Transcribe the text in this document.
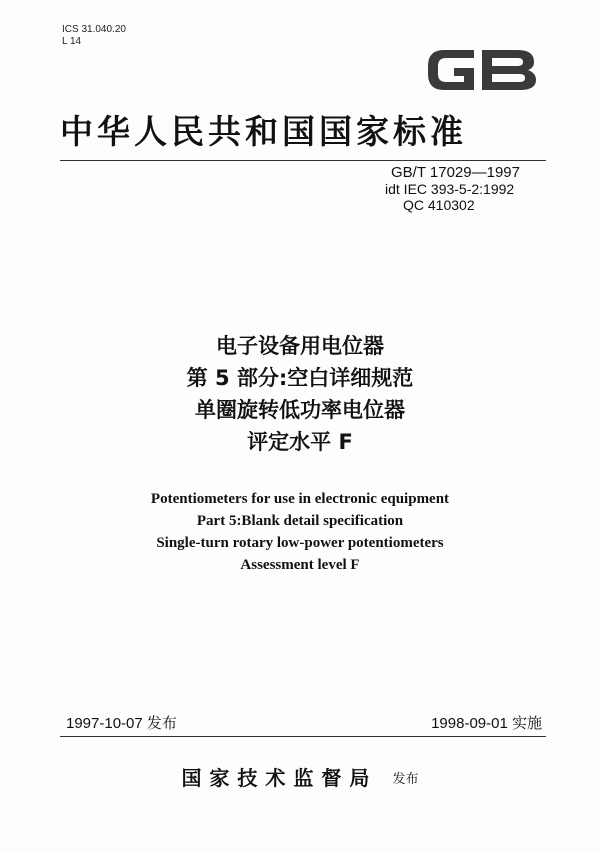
ICS 31.040.20
L 14
中华人民共和国国家标准
GB/T 17029—1997
idt IEC 393-5-2:1992
QC 410302
电子设备用电位器
第 5 部分:空白详细规范
单圈旋转低功率电位器
评定水平 F
Potentiometers for use in electronic equipment
Part 5:Blank detail specification
Single-turn rotary low-power potentiometers
Assessment level F
1997-10-07 发布	1998-09-01 实施
国家技术监督局 发布
